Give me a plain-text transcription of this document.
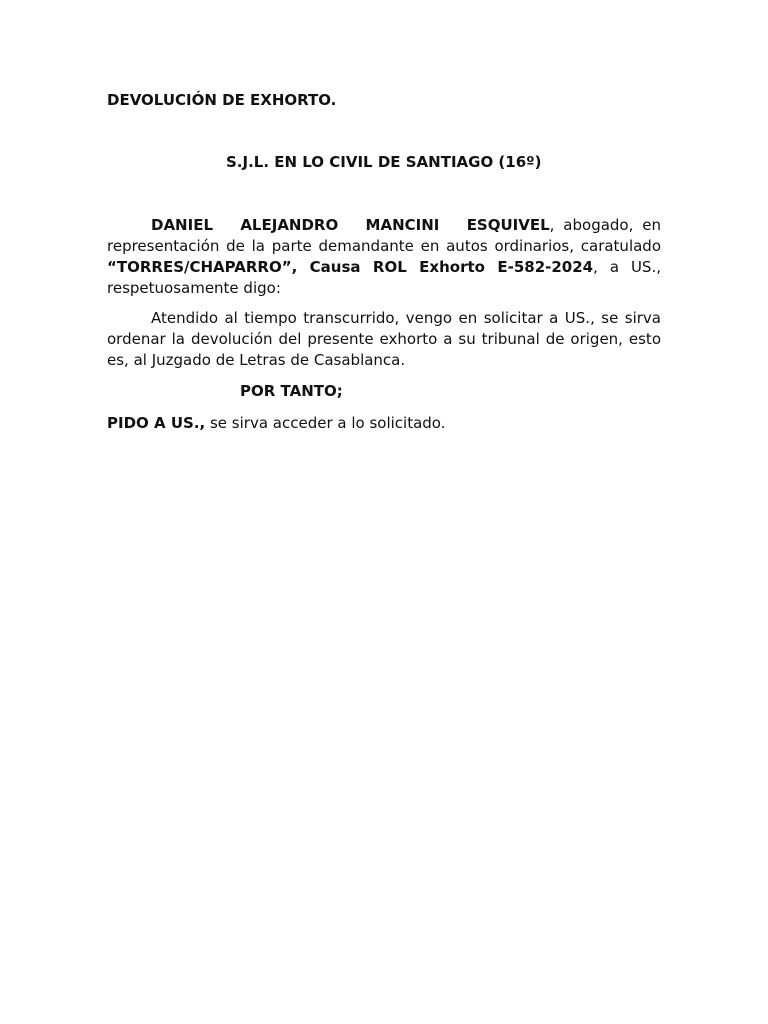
DEVOLUCIÓN DE EXHORTO.

S.J.L. EN LO CIVIL DE SANTIAGO (16º)

DANIEL ALEJANDRO MANCINI ESQUIVEL, abogado, en representación de la parte demandante en autos ordinarios, caratulado “TORRES/CHAPARRO”, Causa ROL Exhorto E-582-2024, a US., respetuosamente digo:

Atendido al tiempo transcurrido, vengo en solicitar a US., se sirva ordenar la devolución del presente exhorto a su tribunal de origen, esto es, al Juzgado de Letras de Casablanca.

POR TANTO;

PIDO A US., se sirva acceder a lo solicitado.
